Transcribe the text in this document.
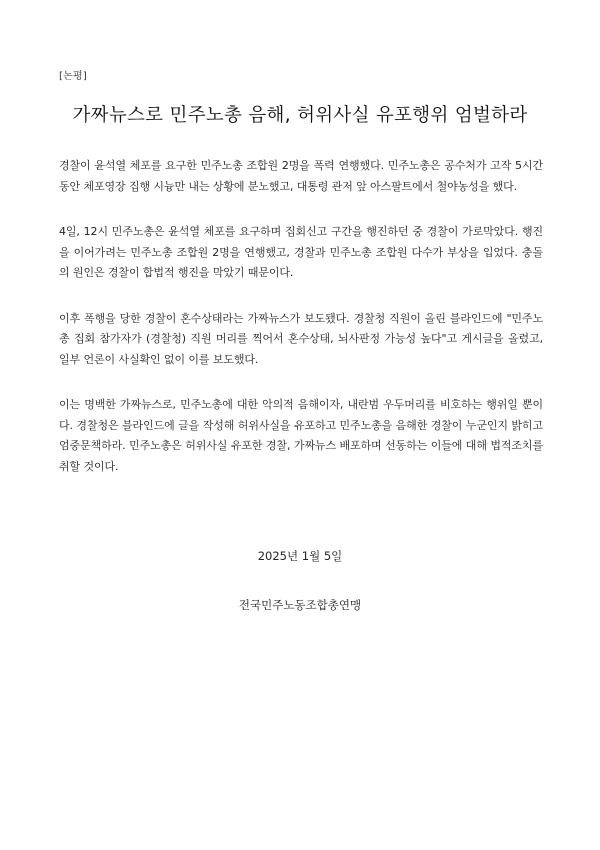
[논평]
가짜뉴스로 민주노총 음해, 허위사실 유포행위 엄벌하라

경찰이 윤석열 체포를 요구한 민주노총 조합원 2명을 폭력 연행했다. 민주노총은 공수처가 고작 5시간 동안 체포영장 집행 시늉만 내는 상황에 분노했고, 대통령 관저 앞 아스팔트에서 철야농성을 했다.

4일, 12시 민주노총은 윤석열 체포를 요구하며 집회신고 구간을 행진하던 중 경찰이 가로막았다. 행진을 이어가려는 민주노총 조합원 2명을 연행했고, 경찰과 민주노총 조합원 다수가 부상을 입었다. 충돌의 원인은 경찰이 합법적 행진을 막았기 때문이다.

이후 폭행을 당한 경찰이 혼수상태라는 가짜뉴스가 보도됐다. 경찰청 직원이 올린 블라인드에 "민주노총 집회 참가자가 (경찰청) 직원 머리를 찍어서 혼수상태, 뇌사판정 가능성 높다"고 게시글을 올렸고, 일부 언론이 사실확인 없이 이를 보도했다.

이는 명백한 가짜뉴스로, 민주노총에 대한 악의적 음해이자, 내란범 우두머리를 비호하는 행위일 뿐이다. 경찰청은 블라인드에 글을 작성해 허위사실을 유포하고 민주노총을 음해한 경찰이 누군인지 밝히고 엄중문책하라. 민주노총은 허위사실 유포한 경찰, 가짜뉴스 배포하며 선동하는 이들에 대해 법적조치를 취할 것이다.

2025년 1월 5일
전국민주노동조합총연맹
